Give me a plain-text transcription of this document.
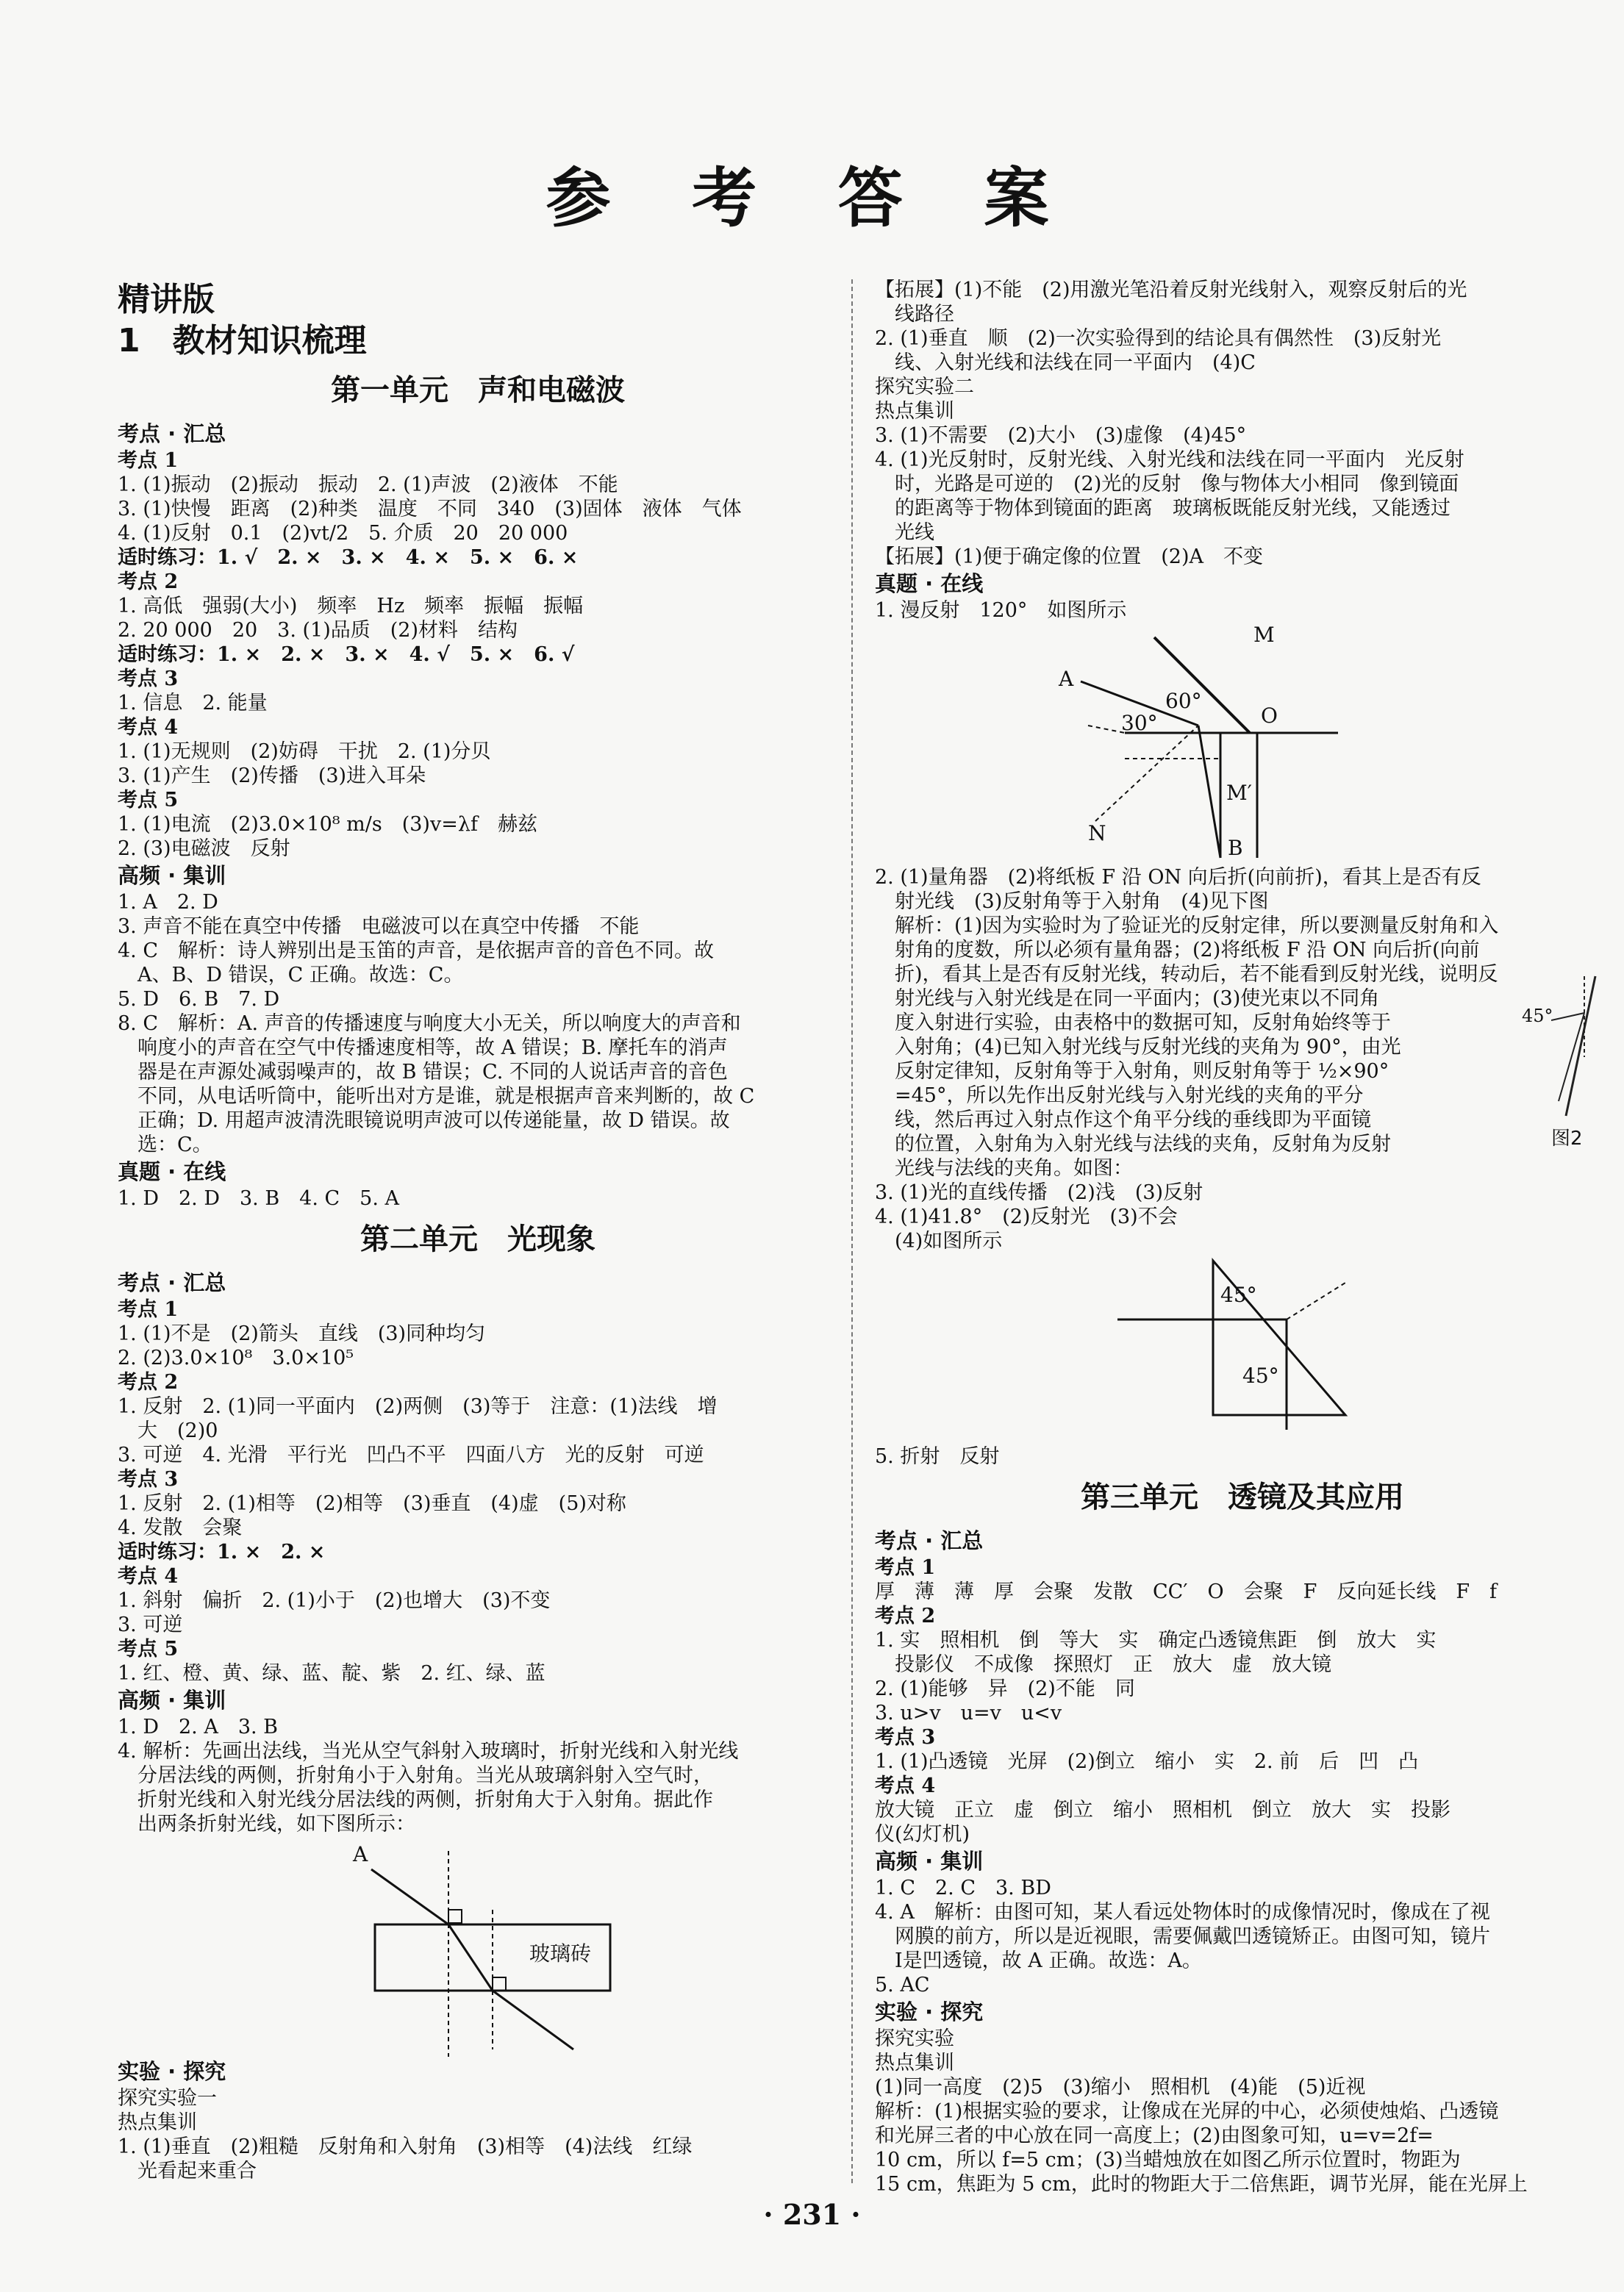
参 考 答 案
精讲版
1　教材知识梳理
第一单元　声和电磁波
考点 · 汇总
考点 1
1. (1)振动　(2)振动　振动　2. (1)声波　(2)液体　不能
3. (1)快慢　距离　(2)种类　温度　不同　340　(3)固体　液体　气体
4. (1)反射　0.1　(2)vt/2　5. 介质　20　20 000
适时练习：1. √　2. ×　3. ×　4. ×　5. ×　6. ×
考点 2
1. 高低　强弱(大小)　频率　Hz　频率　振幅　振幅
2. 20 000　20　3. (1)品质　(2)材料　结构
适时练习：1. ×　2. ×　3. ×　4. √　5. ×　6. √
考点 3
1. 信息　2. 能量
考点 4
1. (1)无规则　(2)妨碍　干扰　2. (1)分贝
3. (1)产生　(2)传播　(3)进入耳朵
考点 5
1. (1)电流　(2)3.0×10⁸ m/s　(3)v=λf　赫兹
2. (3)电磁波　反射
高频 · 集训
1. A　2. D
3. 声音不能在真空中传播　电磁波可以在真空中传播　不能
4. C　解析：诗人辨别出是玉笛的声音，是依据声音的音色不同。故
　A、B、D 错误，C 正确。故选：C。
5. D　6. B　7. D
8. C　解析：A. 声音的传播速度与响度大小无关，所以响度大的声音和
　响度小的声音在空气中传播速度相等，故 A 错误；B. 摩托车的消声
　器是在声源处减弱噪声的，故 B 错误；C. 不同的人说话声音的音色
　不同，从电话听筒中，能听出对方是谁，就是根据声音来判断的，故 C
　正确；D. 用超声波清洗眼镜说明声波可以传递能量，故 D 错误。故
　选：C。
真题 · 在线
1. D　2. D　3. B　4. C　5. A
第二单元　光现象
考点 · 汇总
考点 1
1. (1)不是　(2)箭头　直线　(3)同种均匀
2. (2)3.0×10⁸　3.0×10⁵
考点 2
1. 反射　2. (1)同一平面内　(2)两侧　(3)等于　注意：(1)法线　增
　大　(2)0
3. 可逆　4. 光滑　平行光　凹凸不平　四面八方　光的反射　可逆
考点 3
1. 反射　2. (1)相等　(2)相等　(3)垂直　(4)虚　(5)对称
4. 发散　会聚
适时练习：1. ×　2. ×
考点 4
1. 斜射　偏折　2. (1)小于　(2)也增大　(3)不变
3. 可逆
考点 5
1. 红、橙、黄、绿、蓝、靛、紫　2. 红、绿、蓝
高频 · 集训
1. D　2. A　3. B
4. 解析：先画出法线，当光从空气斜射入玻璃时，折射光线和入射光线
　分居法线的两侧，折射角小于入射角。当光从玻璃斜射入空气时，
　折射光线和入射光线分居法线的两侧，折射角大于入射角。据此作
　出两条折射光线，如下图所示：
A
玻璃砖
实验 · 探究
探究实验一
热点集训
1. (1)垂直　(2)粗糙　反射角和入射角　(3)相等　(4)法线　红绿
　光看起来重合
【拓展】(1)不能　(2)用激光笔沿着反射光线射入，观察反射后的光
　线路径
2. (1)垂直　顺　(2)一次实验得到的结论具有偶然性　(3)反射光
　线、入射光线和法线在同一平面内　(4)C
探究实验二
热点集训
3. (1)不需要　(2)大小　(3)虚像　(4)45°
4. (1)光反射时，反射光线、入射光线和法线在同一平面内　光反射
　时，光路是可逆的　(2)光的反射　像与物体大小相同　像到镜面
　的距离等于物体到镜面的距离　玻璃板既能反射光线，又能透过
　光线
【拓展】(1)便于确定像的位置　(2)A　不变
真题 · 在线
1. 漫反射　120°　如图所示
M
A
60°
30°	O
M′
N
B
2. (1)量角器　(2)将纸板 F 沿 ON 向后折(向前折)，看其上是否有反
　射光线　(3)反射角等于入射角　(4)见下图
　解析：(1)因为实验时为了验证光的反射定律，所以要测量反射角和入
　射角的度数，所以必须有量角器；(2)将纸板 F 沿 ON 向后折(向前
　折)，看其上是否有反射光线，转动后，若不能看到反射光线，说明反
　射光线与入射光线是在同一平面内；(3)使光束以不同角
　度入射进行实验，由表格中的数据可知，反射角始终等于
　入射角；(4)已知入射光线与反射光线的夹角为 90°，由光
　反射定律知，反射角等于入射角，则反射角等于 ½×90°
　=45°，所以先作出反射光线与入射光线的夹角的平分
　线，然后再过入射点作这个角平分线的垂线即为平面镜
　的位置，入射角为入射光线与法线的夹角，反射角为反射
　光线与法线的夹角。如图：
3. (1)光的直线传播　(2)浅　(3)反射
4. (1)41.8°　(2)反射光　(3)不会
　(4)如图所示
45°
45°
5. 折射　反射
第三单元　透镜及其应用
考点 · 汇总
考点 1
厚　薄　薄　厚　会聚　发散　CC′　O　会聚　F　反向延长线　F　f
考点 2
1. 实　照相机　倒　等大　实　确定凸透镜焦距　倒　放大　实
　投影仪　不成像　探照灯　正　放大　虚　放大镜
2. (1)能够　异　(2)不能　同
3. u>v　u=v　u<v
考点 3
1. (1)凸透镜　光屏　(2)倒立　缩小　实　2. 前　后　凹　凸
考点 4
放大镜　正立　虚　倒立　缩小　照相机　倒立　放大　实　投影
仪(幻灯机)
高频 · 集训
1. C　2. C　3. BD
4. A　解析：由图可知，某人看远处物体时的成像情况时，像成在了视
　网膜的前方，所以是近视眼，需要佩戴凹透镜矫正。由图可知，镜片
　Ⅰ是凹透镜，故 A 正确。故选：A。
5. AC
实验 · 探究
探究实验
热点集训
(1)同一高度　(2)5　(3)缩小　照相机　(4)能　(5)近视
解析：(1)根据实验的要求，让像成在光屏的中心，必须使烛焰、凸透镜
和光屏三者的中心放在同一高度上；(2)由图象可知，u=v=2f=
10 cm，所以 f=5 cm；(3)当蜡烛放在如图乙所示位置时，物距为
15 cm，焦距为 5 cm，此时的物距大于二倍焦距，调节光屏，能在光屏上
45°
图2
· 231 ·
